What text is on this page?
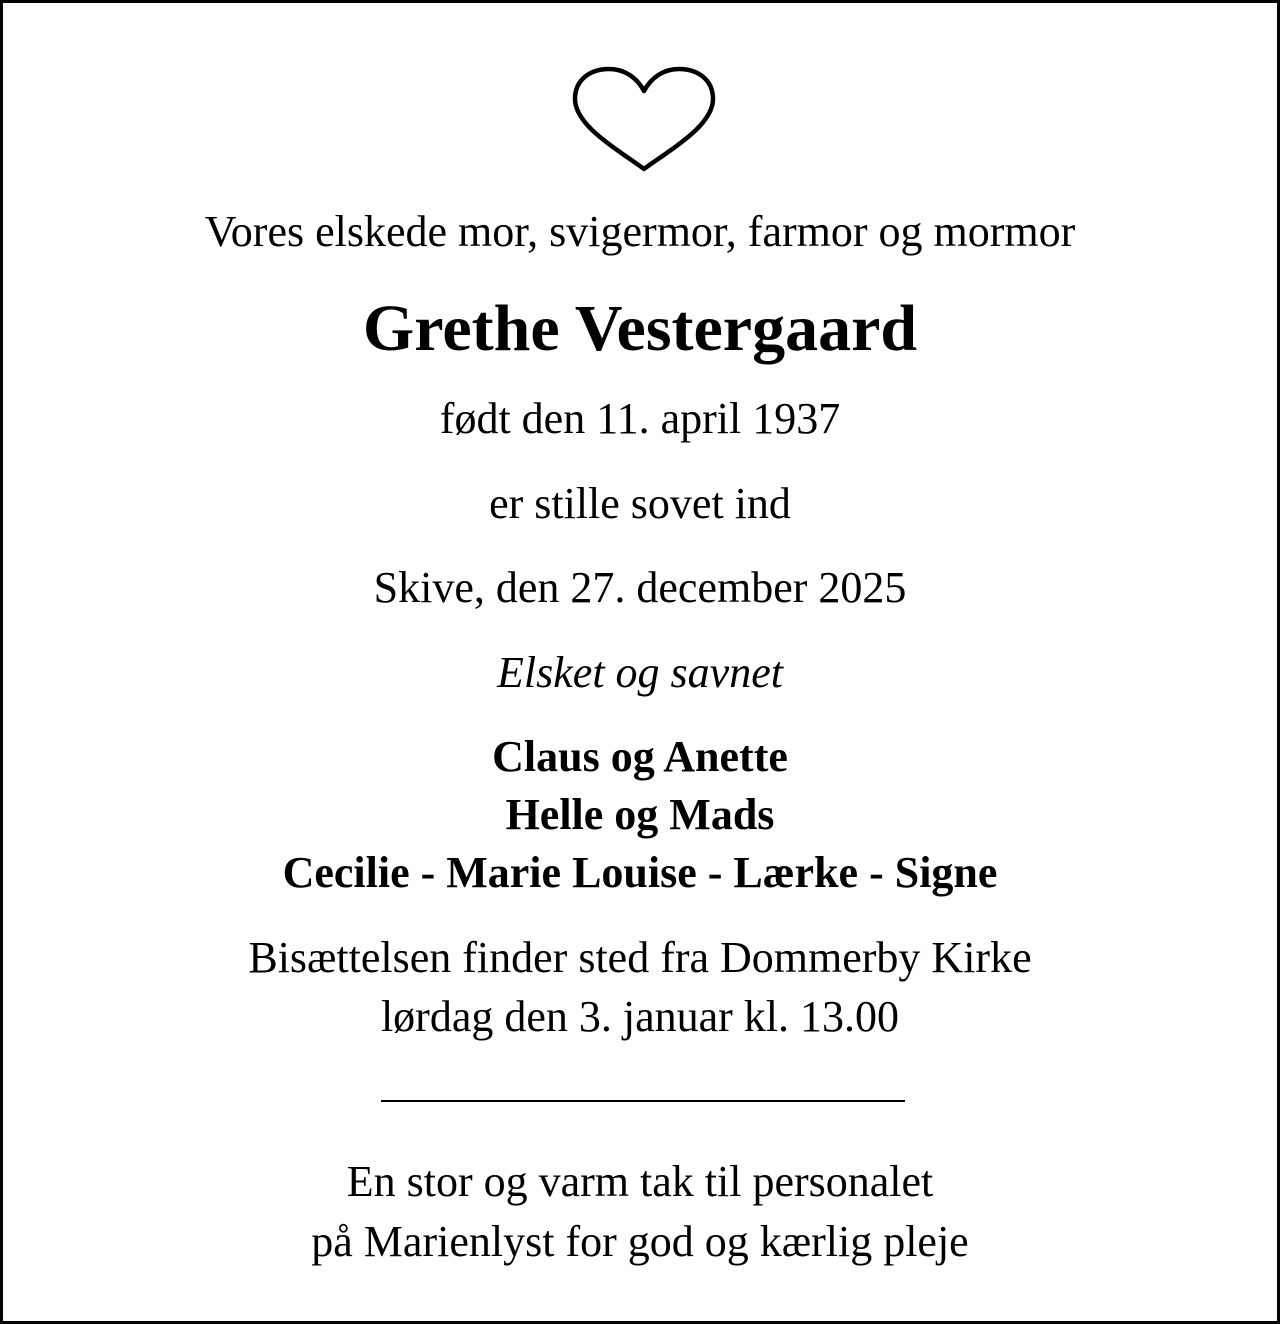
Vores elskede mor, svigermor, farmor og mormor
Grethe Vestergaard
født den 11. april 1937
er stille sovet ind
Skive, den 27. december 2025
Elsket og savnet
Claus og Anette
Helle og Mads
Cecilie - Marie Louise - Lærke - Signe
Bisættelsen finder sted fra Dommerby Kirke
lørdag den 3. januar kl. 13.00
En stor og varm tak til personalet
på Marienlyst for god og kærlig pleje
